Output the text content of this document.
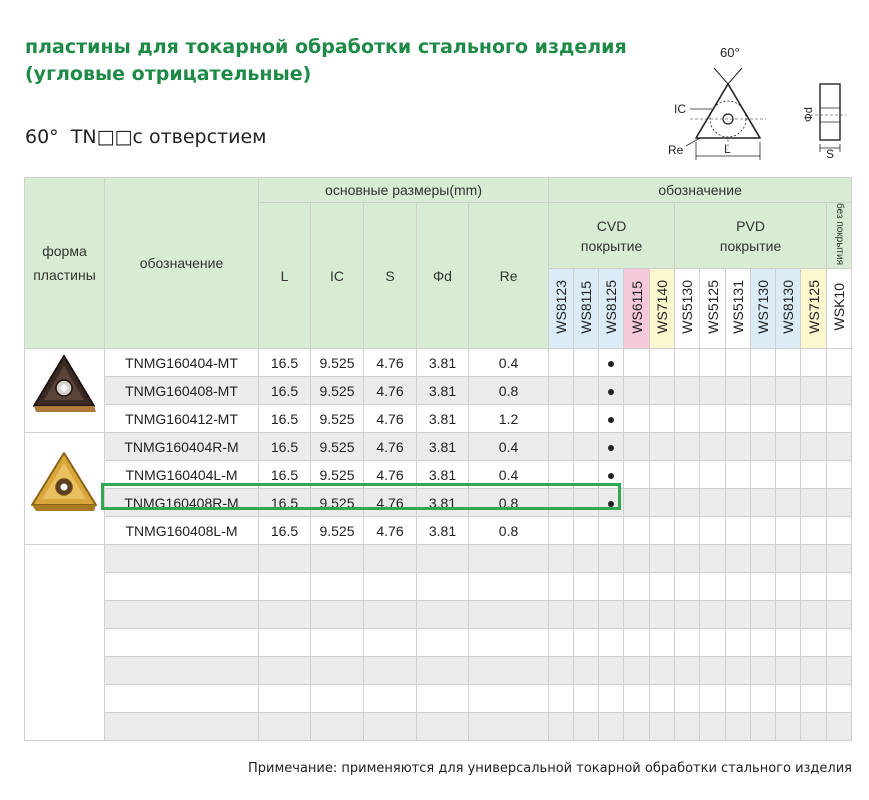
пластины для токарной обработки стального изделия
(угловые отрицательные)

60°  TN□□с отверстием

60°
IC
Re	L
Φd
S
форма пластины	обозначение	основные размеры(mm)					обозначение											
		L	IC	S	Φd	Re	CVD покрытие					PVD покрытие						без покрытия
							WS8123	WS8115	WS8125	WS6115	WS7140	WS5130	WS5125	WS5131	WS7130	WS8130	WS7125	WSK10
	TNMG160404-MT	16.5	9.525	4.76	3.81	0.4			●									
	TNMG160408-MT	16.5	9.525	4.76	3.81	0.8			●									
	TNMG160412-MT	16.5	9.525	4.76	3.81	1.2			●									
	TNMG160404R-M	16.5	9.525	4.76	3.81	0.4			●									
	TNMG160404L-M	16.5	9.525	4.76	3.81	0.4			●									
	TNMG160408R-M	16.5	9.525	4.76	3.81	0.8			●									
	TNMG160408L-M	16.5	9.525	4.76	3.81	0.8												

Примечание: применяются для универсальной токарной обработки стального изделия
